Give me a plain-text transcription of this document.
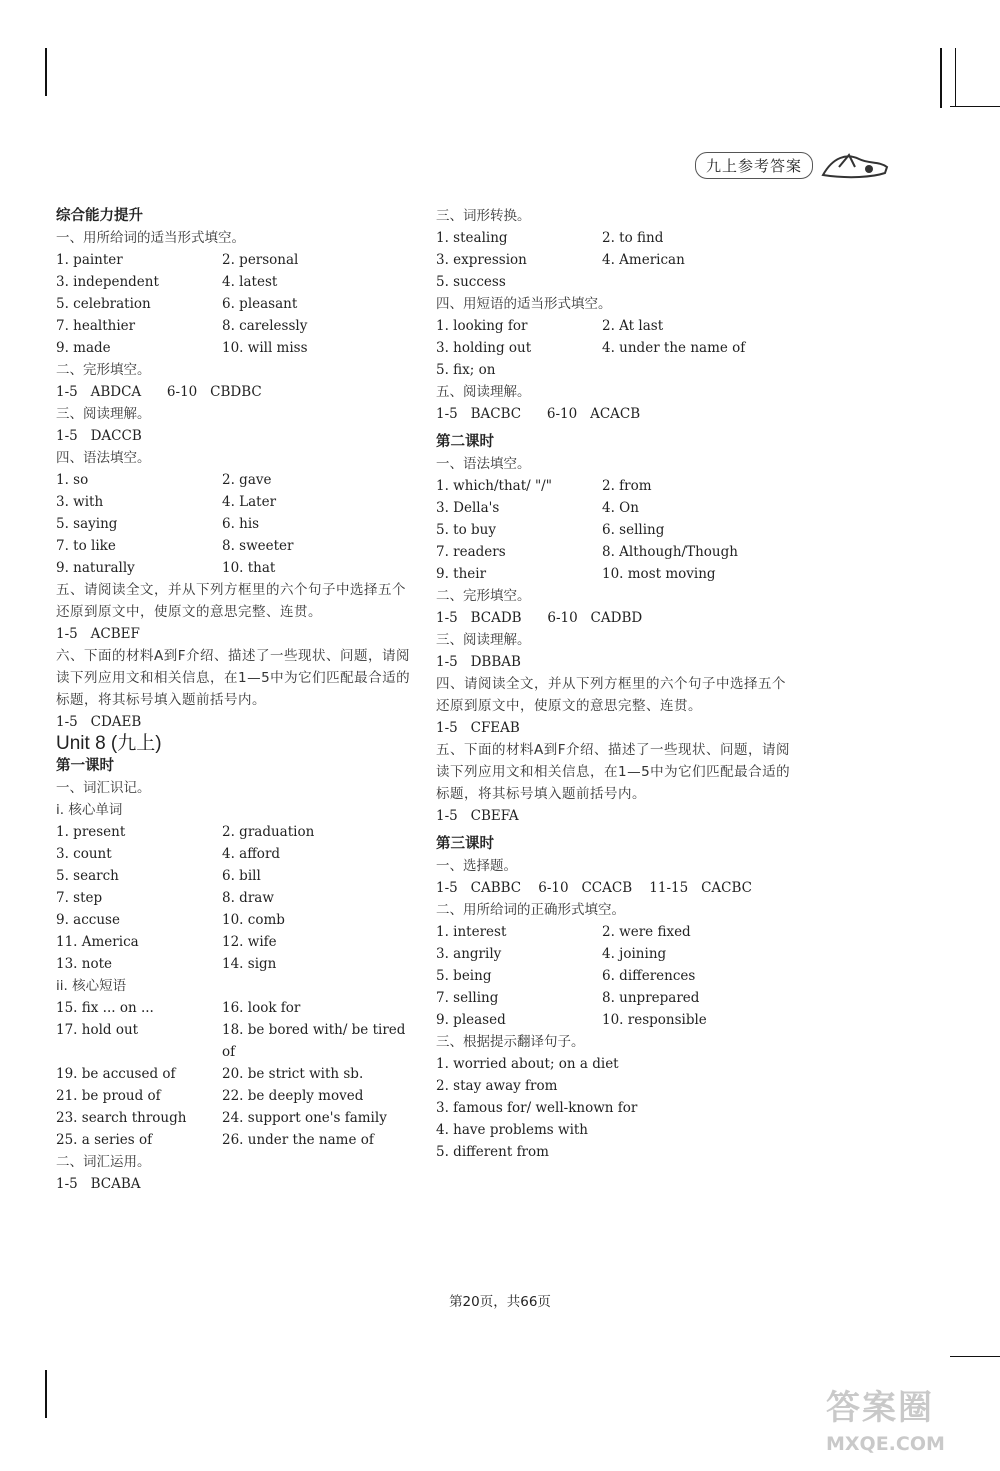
九上参考答案
综合能力提升
一、用所给词的适当形式填空。
1. painter	2. personal
3. independent	4. latest
5. celebration	6. pleasant
7. healthier	8. carelessly
9. made	10. will miss
二、完形填空。
1-5   ABDCA      6-10   CBDBC
三、阅读理解。
1-5   DACCB
四、语法填空。
1. so	2. gave
3. with	4. Later
5. saying	6. his
7. to like	8. sweeter
9. naturally	10. that
五、请阅读全文，并从下列方框里的六个句子中选择五个还原到原文中，使原文的意思完整、连贯。
1-5   ACBEF
六、下面的材料A到F介绍、描述了一些现状、问题，请阅读下列应用文和相关信息，在1—5中为它们匹配最合适的标题，将其标号填入题前括号内。
1-5   CDAEB
Unit 8 (九上)
第一课时
一、词汇识记。
i. 核心单词
1. present	2. graduation
3. count	4. afford
5. search	6. bill
7. step	8. draw
9. accuse	10. comb
11. America	12. wife
13. note	14. sign
ii. 核心短语
15. fix ... on ...	16. look for
17. hold out	18. be bored with/ be tired of
19. be accused of	20. be strict with sb.
21. be proud of	22. be deeply moved
23. search through	24. support one's family
25. a series of	26. under the name of
二、词汇运用。
1-5   BCABA
三、词形转换。
1. stealing	2. to find
3. expression	4. American
5. success
四、用短语的适当形式填空。
1. looking for	2. At last
3. holding out	4. under the name of
5. fix; on
五、阅读理解。
1-5   BACBC      6-10   ACACB
第二课时
一、语法填空。
1. which/that/ "/"	2. from
3. Della's	4. On
5. to buy	6. selling
7. readers	8. Although/Though
9. their	10. most moving
二、完形填空。
1-5   BCADB      6-10   CADBD
三、阅读理解。
1-5   DBBAB
四、请阅读全文，并从下列方框里的六个句子中选择五个还原到原文中，使原文的意思完整、连贯。
1-5   CFEAB
五、下面的材料A到F介绍、描述了一些现状、问题，请阅读下列应用文和相关信息，在1—5中为它们匹配最合适的标题，将其标号填入题前括号内。
1-5   CBEFA
第三课时
一、选择题。
1-5   CABBC    6-10   CCACB    11-15   CACBC
二、用所给词的正确形式填空。
1. interest	2. were fixed
3. angrily	4. joining
5. being	6. differences
7. selling	8. unprepared
9. pleased	10. responsible
三、根据提示翻译句子。
1. worried about; on a diet
2. stay away from
3. famous for/ well-known for
4. have problems with
5. different from
第20页，共66页
答案圈
MXQE.COM
